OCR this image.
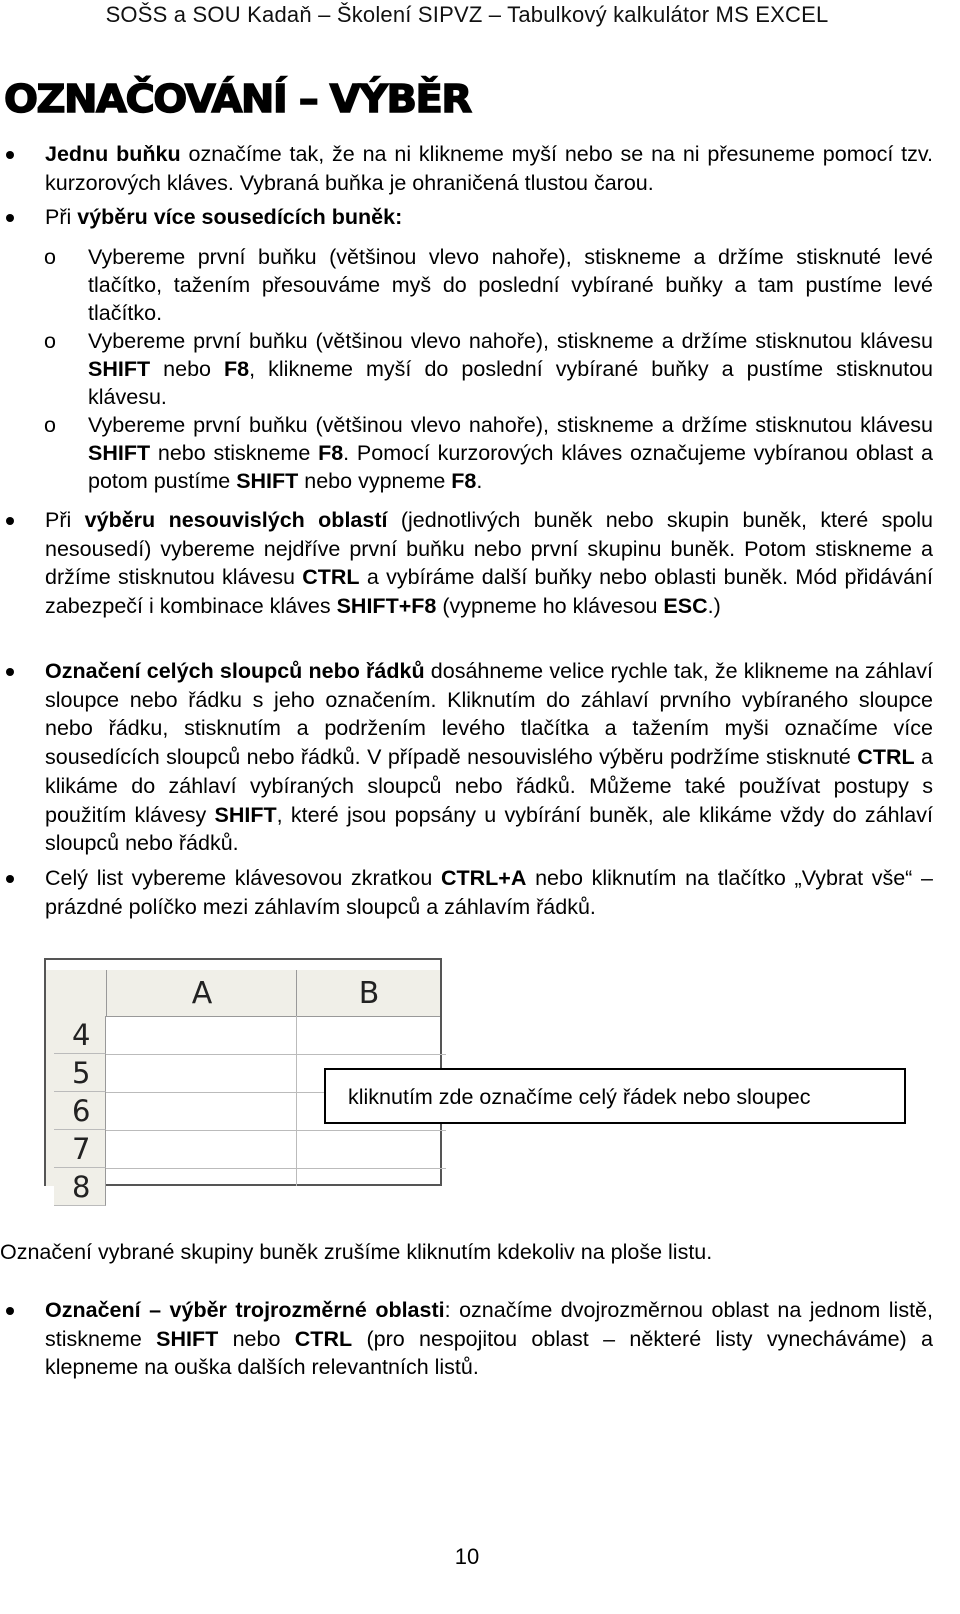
SOŠS a SOU Kadaň – Školení SIPVZ – Tabulkový kalkulátor MS EXCEL
OZNAČOVÁNÍ – VÝBĚR
Jednu buňku označíme tak, že na ni klikneme myší nebo se na ni přesuneme pomocí tzv. kurzorových kláves. Vybraná buňka je ohraničená tlustou čarou.
Při výběru více sousedících buněk:
o Vybereme první buňku (většinou vlevo nahoře), stiskneme a držíme stisknuté levé tlačítko, tažením přesouváme myš do poslední vybírané buňky a tam pustíme levé tlačítko.
o Vybereme první buňku (většinou vlevo nahoře), stiskneme a držíme stisknutou klávesu SHIFT nebo F8, klikneme myší do poslední vybírané buňky a pustíme stisknutou klávesu.
o Vybereme první buňku (většinou vlevo nahoře), stiskneme a držíme stisknutou klávesu SHIFT nebo stiskneme F8. Pomocí kurzorových kláves označujeme vybíranou oblast a potom pustíme SHIFT nebo vypneme F8.
Při výběru nesouvislých oblastí (jednotlivých buněk nebo skupin buněk, které spolu nesousedí) vybereme nejdříve první buňku nebo první skupinu buněk. Potom stiskneme a držíme stisknutou klávesu CTRL a vybíráme další buňky nebo oblasti buněk. Mód přidávání zabezpečí i kombinace kláves SHIFT+F8 (vypneme ho klávesou ESC.)
Označení celých sloupců nebo řádků dosáhneme velice rychle tak, že klikneme na záhlaví sloupce nebo řádku s jeho označením. Kliknutím do záhlaví prvního vybíraného sloupce nebo řádku, stisknutím a podržením levého tlačítka a tažením myši označíme více sousedících sloupců nebo řádků. V případě nesouvislého výběru podržíme stisknuté CTRL a klikáme do záhlaví vybíraných sloupců nebo řádků. Můžeme také používat postupy s použitím klávesy SHIFT, které jsou popsány u vybírání buněk, ale klikáme vždy do záhlaví sloupců nebo řádků.
Celý list vybereme klávesovou zkratkou CTRL+A nebo kliknutím na tlačítko „Vybrat vše“ – prázdné políčko mezi záhlavím sloupců a záhlavím řádků.
A	B
4
5
6
7
8
kliknutím zde označíme celý řádek nebo sloupec
Označení vybrané skupiny buněk zrušíme kliknutím kdekoliv na ploše listu.
Označení – výběr trojrozměrné oblasti: označíme dvojrozměrnou oblast na jednom listě, stiskneme SHIFT nebo CTRL (pro nespojitou oblast – některé listy vynecháváme) a klepneme na ouška dalších relevantních listů.
10
